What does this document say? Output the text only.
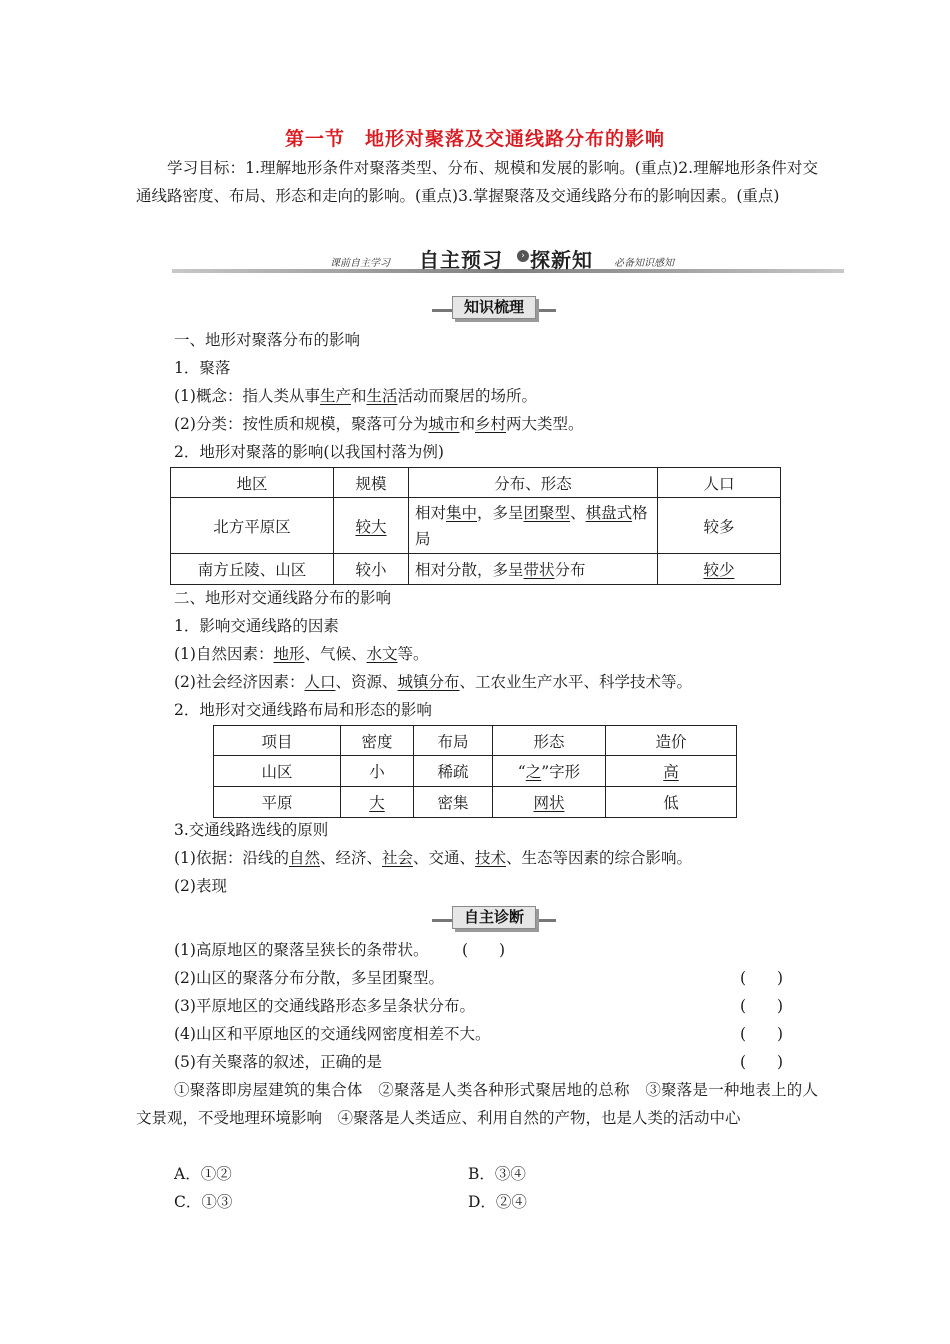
第一节　地形对聚落及交通线路分布的影响
学习目标：1.理解地形条件对聚落类型、分布、规模和发展的影响。(重点)2.理解地形条件对交通线路密度、布局、形态和走向的影响。(重点)3.掌握聚落及交通线路分布的影响因素。(重点)
课前自主学习 自主预习	› 探新知 必备知识感知
知识梳理
一、地形对聚落分布的影响
1．聚落
(1)概念：指人类从事生产和生活活动而聚居的场所。
(2)分类：按性质和规模，聚落可分为城市和乡村两大类型。
2．地形对聚落的影响(以我国村落为例)
地区	规模	分布、形态	人口
北方平原区	较大	相对集中，多呈团聚型、棋盘式格局	较多
南方丘陵、山区	较小	相对分散，多呈带状分布	较少
二、地形对交通线路分布的影响
1．影响交通线路的因素
(1)自然因素：地形、气候、水文等。
(2)社会经济因素：人口、资源、城镇分布、工农业生产水平、科学技术等。
2．地形对交通线路布局和形态的影响
项目	密度	布局	形态	造价
山区	小	稀疏	“之”字形	高
平原	大	密集	网状	低
3.交通线路选线的原则
(1)依据：沿线的自然、经济、社会、交通、技术、生态等因素的综合影响。
(2)表现
自主诊断
(1)高原地区的聚落呈狭长的条带状。 (　　)
(2)山区的聚落分布分散，多呈团聚型。	(　　)
(3)平原地区的交通线路形态多呈条状分布。	(　　)
(4)山区和平原地区的交通线网密度相差不大。	(　　)
(5)有关聚落的叙述，正确的是	(　　)
①聚落即房屋建筑的集合体　②聚落是人类各种形式聚居地的总称　③聚落是一种地表上的人文景观，不受地理环境影响　④聚落是人类适应、利用自然的产物，也是人类的活动中心
A．①②	B．③④
C．①③	D．②④
